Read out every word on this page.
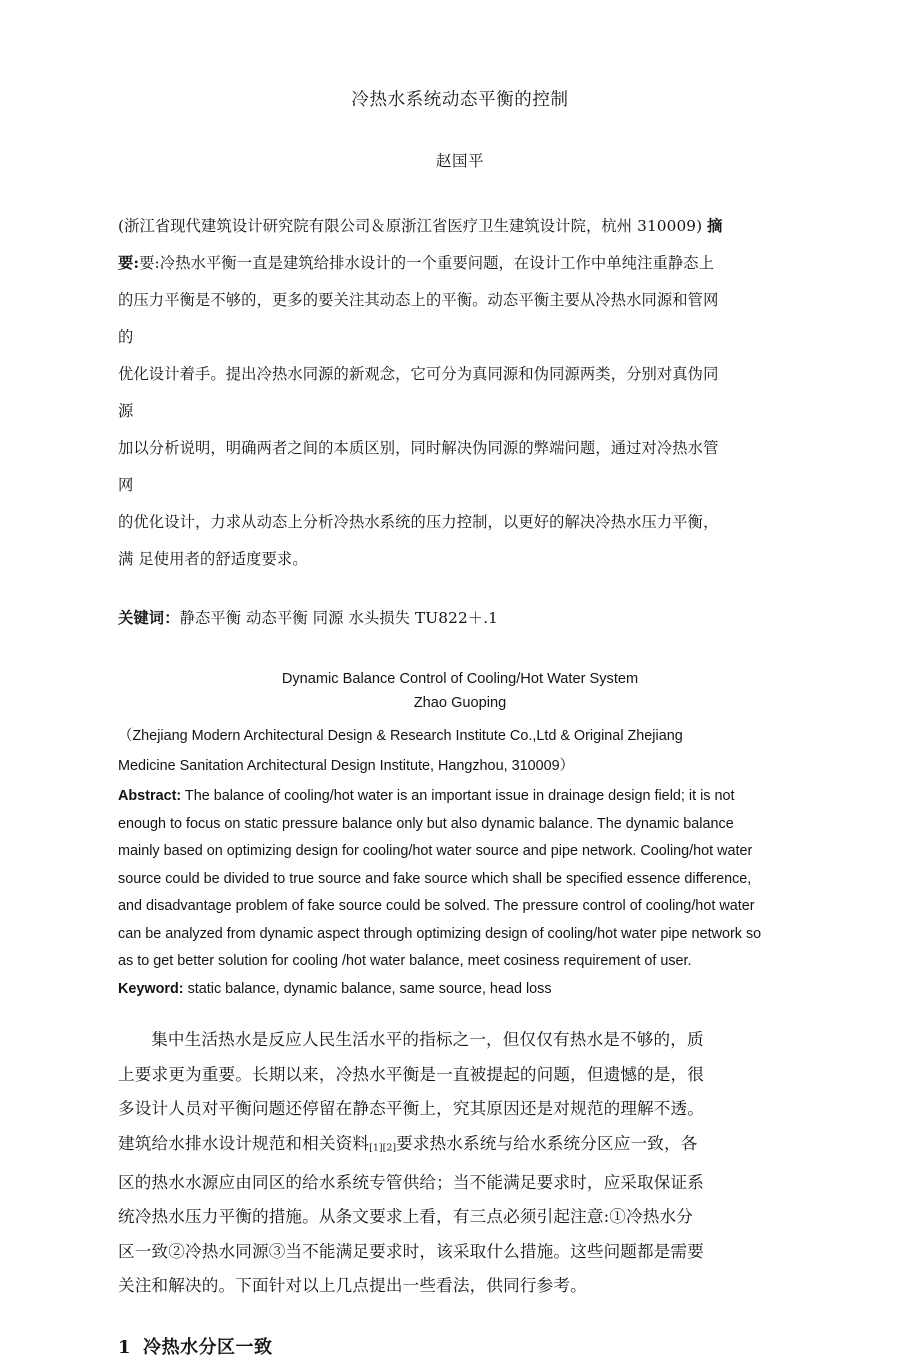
冷热水系统动态平衡的控制
赵国平
(浙江省现代建筑设计研究院有限公司＆原浙江省医疗卫生建筑设计院，杭州 310009) 摘
要:要:冷热水平衡一直是建筑给排水设计的一个重要问题，在设计工作中单纯注重静态上
的压力平衡是不够的，更多的要关注其动态上的平衡。动态平衡主要从冷热水同源和管网
的
优化设计着手。提出冷热水同源的新观念，它可分为真同源和伪同源两类，分别对真伪同
源
加以分析说明，明确两者之间的本质区别，同时解决伪同源的弊端问题，通过对冷热水管
网
的优化设计，力求从动态上分析冷热水系统的压力控制，以更好的解决冷热水压力平衡，
满 足使用者的舒适度要求。
关键词：静态平衡 动态平衡 同源 水头损失 TU822＋.1
Dynamic Balance Control of Cooling/Hot Water System
Zhao Guoping
（Zhejiang Modern Architectural Design & Research Institute Co.,Ltd & Original Zhejiang
Medicine Sanitation Architectural Design Institute, Hangzhou, 310009）
Abstract: The balance of cooling/hot water is an important issue in drainage design field; it is not
enough to focus on static pressure balance only but also dynamic balance. The dynamic balance
mainly based on optimizing design for cooling/hot water source and pipe network. Cooling/hot water
source could be divided to true source and fake source which shall be specified essence difference,
and disadvantage problem of fake source could be solved. The pressure control of cooling/hot water
can be analyzed from dynamic aspect through optimizing design of cooling/hot water pipe network so
as to get better solution for cooling /hot water balance, meet cosiness requirement of user.
Keyword: static balance, dynamic balance, same source, head loss
集中生活热水是反应人民生活水平的指标之一，但仅仅有热水是不够的，质
上要求更为重要。长期以来，冷热水平衡是一直被提起的问题，但遗憾的是，很
多设计人员对平衡问题还停留在静态平衡上，究其原因还是对规范的理解不透。
建筑给水排水设计规范和相关资料[1][2]要求热水系统与给水系统分区应一致，各
区的热水水源应由同区的给水系统专管供给；当不能满足要求时，应采取保证系
统冷热水压力平衡的措施。从条文要求上看，有三点必须引起注意:①冷热水分
区一致②冷热水同源③当不能满足要求时，该采取什么措施。这些问题都是需要
关注和解决的。下面针对以上几点提出一些看法，供同行参考。
1 冷热水分区一致
